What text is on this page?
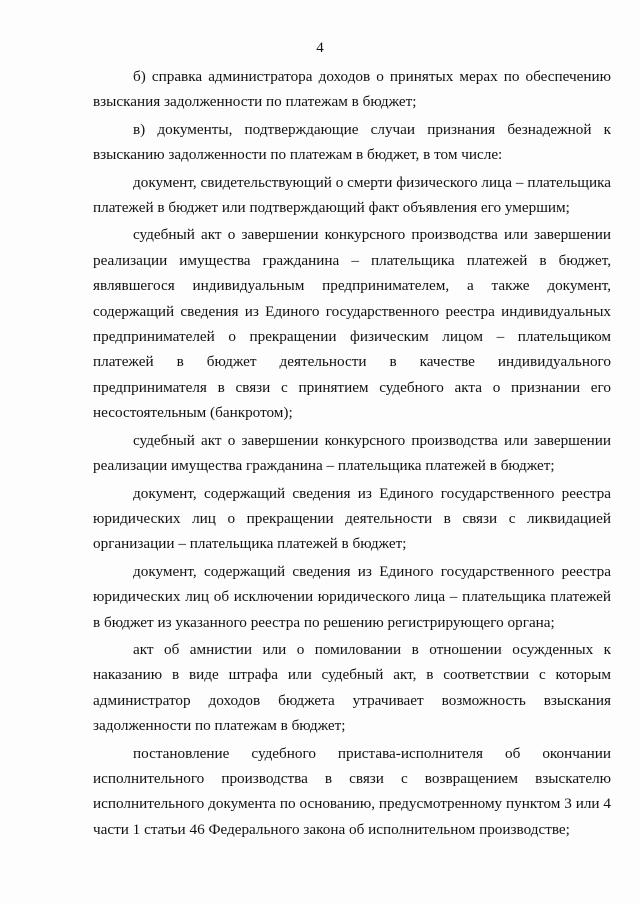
4

б) справка администратора доходов о принятых мерах по обеспечению взыскания задолженности по платежам в бюджет;

в) документы, подтверждающие случаи признания безнадежной к взысканию задолженности по платежам в бюджет, в том числе:

документ, свидетельствующий о смерти физического лица – плательщика платежей в бюджет или подтверждающий факт объявления его умершим;

судебный акт о завершении конкурсного производства или завершении реализации имущества гражданина – плательщика платежей в бюджет, являвшегося индивидуальным предпринимателем, а также документ, содержащий сведения из Единого государственного реестра индивидуальных предпринимателей о прекращении физическим лицом – плательщиком платежей в бюджет деятельности в качестве индивидуального предпринимателя в связи с принятием судебного акта о признании его несостоятельным (банкротом);

судебный акт о завершении конкурсного производства или завершении реализации имущества гражданина – плательщика платежей в бюджет;

документ, содержащий сведения из Единого государственного реестра юридических лиц о прекращении деятельности в связи с ликвидацией организации – плательщика платежей в бюджет;

документ, содержащий сведения из Единого государственного реестра юридических лиц об исключении юридического лица – плательщика платежей в бюджет из указанного реестра по решению регистрирующего органа;

акт об амнистии или о помиловании в отношении осужденных к наказанию в виде штрафа или судебный акт, в соответствии с которым администратор доходов бюджета утрачивает возможность взыскания задолженности по платежам в бюджет;

постановление судебного пристава-исполнителя об окончании исполнительного производства в связи с возвращением взыскателю исполнительного документа по основанию, предусмотренному пунктом 3 или 4 части 1 статьи 46 Федерального закона об исполнительном производстве;
